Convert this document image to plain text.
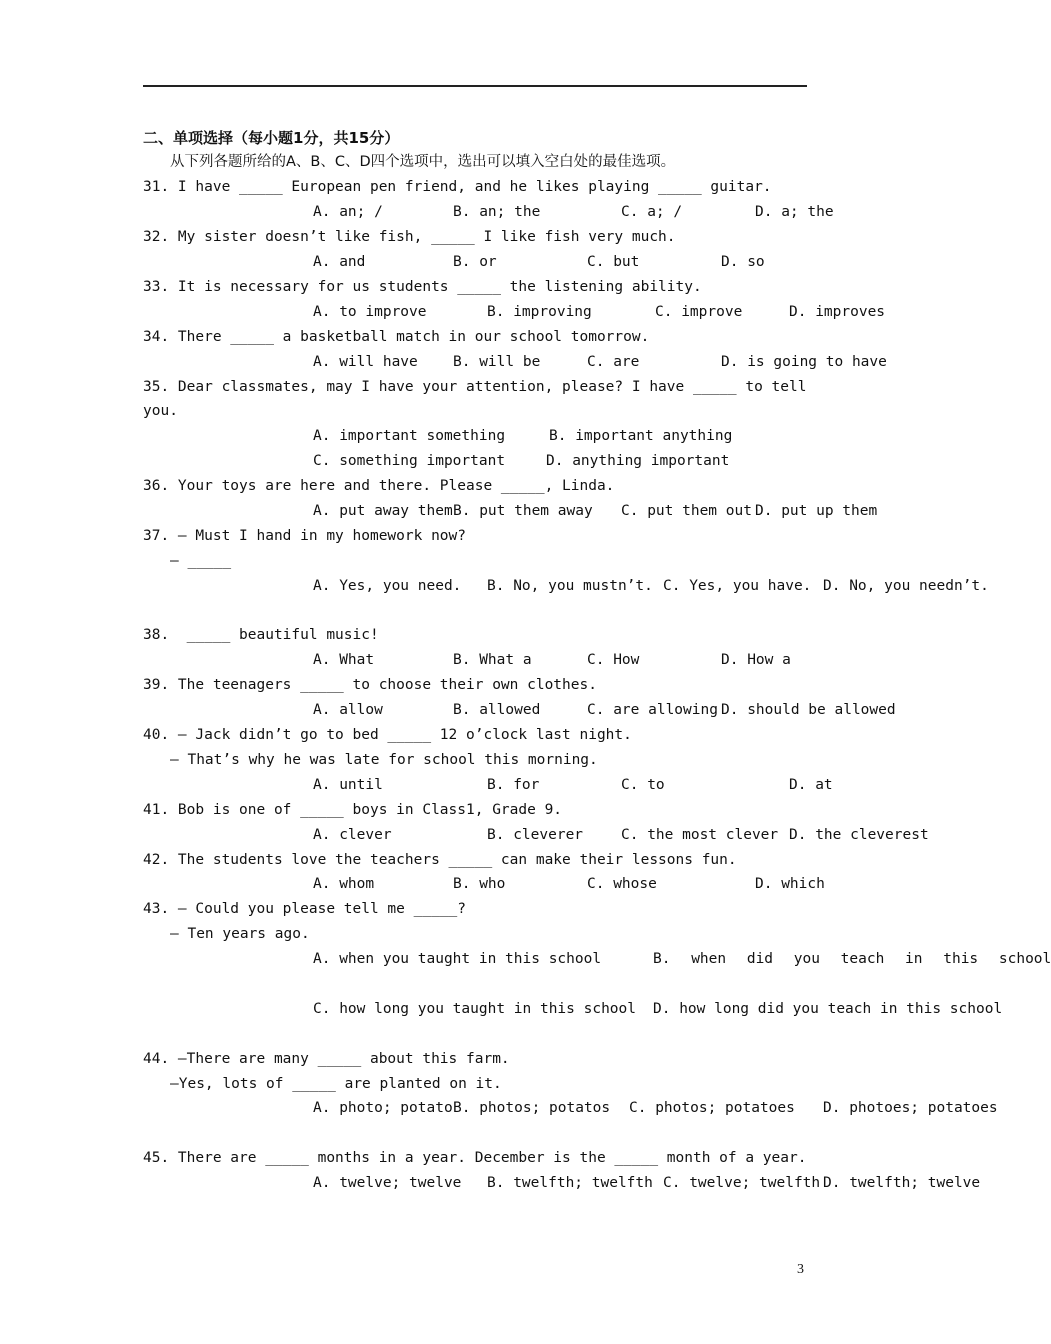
二、单项选择（每小题1分，共15分）
从下列各题所给的A、B、C、D四个选项中，选出可以填入空白处的最佳选项。
31. I have _____ European pen friend, and he likes playing _____ guitar.

A. an; /

	B. an; the

	C. a; /

	D. a; the

32. My sister doesn’t like fish, _____ I like fish very much.

A. and

	B. or

	C. but

	D. so

33. It is necessary for us students _____ the listening ability.

A. to improve

	B. improving

	C. improve

	D. improves

34. There _____ a basketball match in our school tomorrow.

A. will have

B. will be

	C. are

	D. is going to have

35. Dear classmates, may I have your attention, please? I have _____ to tell
you.

A. important something

	B. important anything

C. something important

	D. anything important

36. Your toys are here and there. Please _____, Linda.

A. put away them

B. put them away

C. put them out

D. put up them

37. — Must I hand in my homework now?
— _____

A. Yes, you need.

B. No, you mustn’t.

C. Yes, you have.

D. No, you needn’t.

38.  _____ beautiful music!

A. What

	B. What a

	C. How

	D. How a

39. The teenagers _____ to choose their own clothes.

A. allow

	B. allowed

	C. are allowing

D. should be allowed

40. — Jack didn’t go to bed _____ 12 o’clock last night.
— That’s why he was late for school this morning.

A. until

	B. for

	C. to

	D. at

41. Bob is one of _____ boys in Class1, Grade 9.

A. clever

	B. cleverer

	C. the most clever

D. the cleverest

42. The students love the teachers _____ can make their lessons fun.

A. whom

	B. who

	C. whose

	D. which

43. — Could you please tell me _____?
— Ten years ago.

A. when you taught in this school

	B. when did you teach in this school

C. how long you taught in this school

D. how long did you teach in this school

44. —There are many _____ about this farm.
—Yes, lots of _____ are planted on it.

A. photo; potato

B. photos; potatos

C. photos; potatoes

D. photoes; potatoes

45. There are _____ months in a year. December is the _____ month of a year.

A. twelve; twelve

B. twelfth; twelfth

C. twelve; twelfth

D. twelfth; twelve

3
